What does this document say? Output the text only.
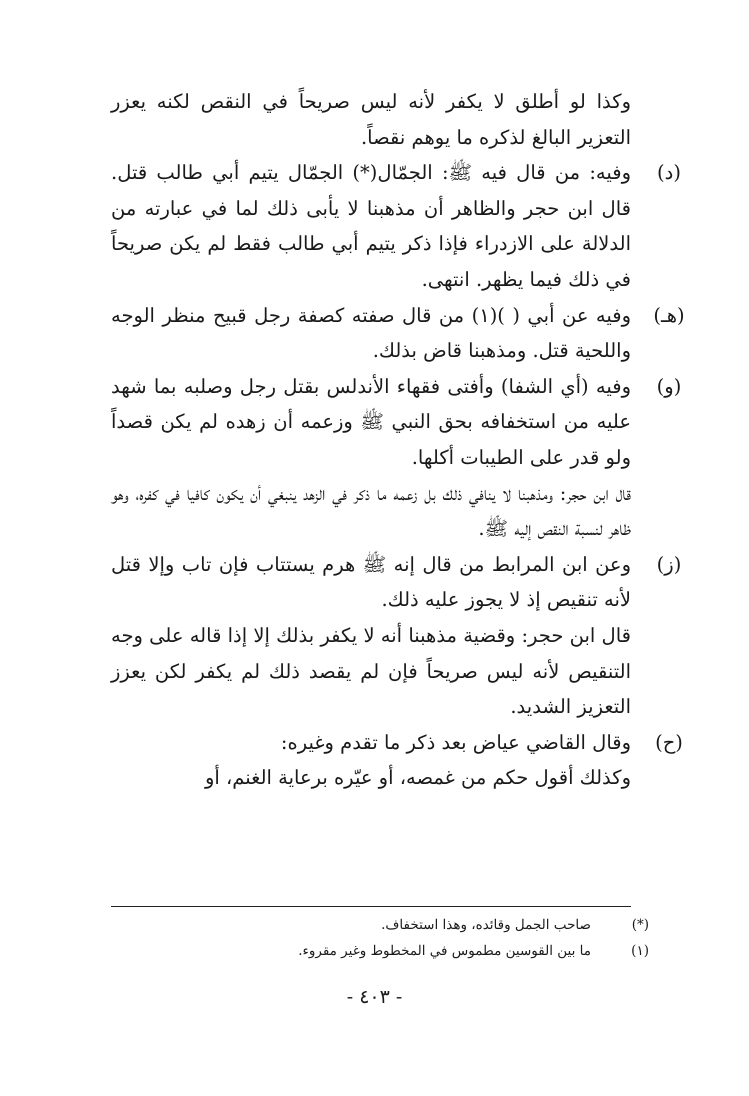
وكذا لو أطلق لا يكفر لأنه ليس صريحاً في النقص لكنه يعزر التعزير البالغ لذكره ما يوهم نقصاً.

(د)
وفيه: من قال فيه ﷺ: الجمّال(*) الجمّال يتيم أبي طالب قتل. قال ابن حجر والظاهر أن مذهبنا لا يأبى ذلك لما في عبارته من الدلالة على الازدراء فإذا ذكر يتيم أبي طالب فقط لم يكن صريحاً في ذلك فيما يظهر. انتهى.

(هـ)
وفيه عن أبي ( )(١) من قال صفته كصفة رجل قبيح منظر الوجه واللحية قتل. ومذهبنا قاض بذلك.

(و)
وفيه (أي الشفا) وأفتى فقهاء الأندلس بقتل رجل وصلبه بما شهد عليه من استخفافه بحق النبي ﷺ وزعمه أن زهده لم يكن قصداً ولو قدر على الطيبات أكلها.

قال ابن حجر: ومذهبنا لا ينافي ذلك بل زعمه ما ذكر في الزهد ينبغي أن يكون كافيا في كفره، وهو ظاهر لنسبة النقص إليه ﷺ.

(ز)
وعن ابن المرابط من قال إنه ﷺ هرم يستتاب فإن تاب وإلا قتل لأنه تنقيص إذ لا يجوز عليه ذلك.

قال ابن حجر: وقضية مذهبنا أنه لا يكفر بذلك إلا إذا قاله على وجه التنقيص لأنه ليس صريحاً فإن لم يقصد ذلك لم يكفر لكن يعزز التعزيز الشديد.

(ح)
وقال القاضي عياض بعد ذكر ما تقدم وغيره:

وكذلك أقول حكم من غمصه، أو عيّره برعاية الغنم، أو

(*)
صاحب الجمل وقائده، وهذا استخفاف.

(١)
ما بين القوسين مطموس في المخطوط وغير مقروء.

- ٤٠٣ -
